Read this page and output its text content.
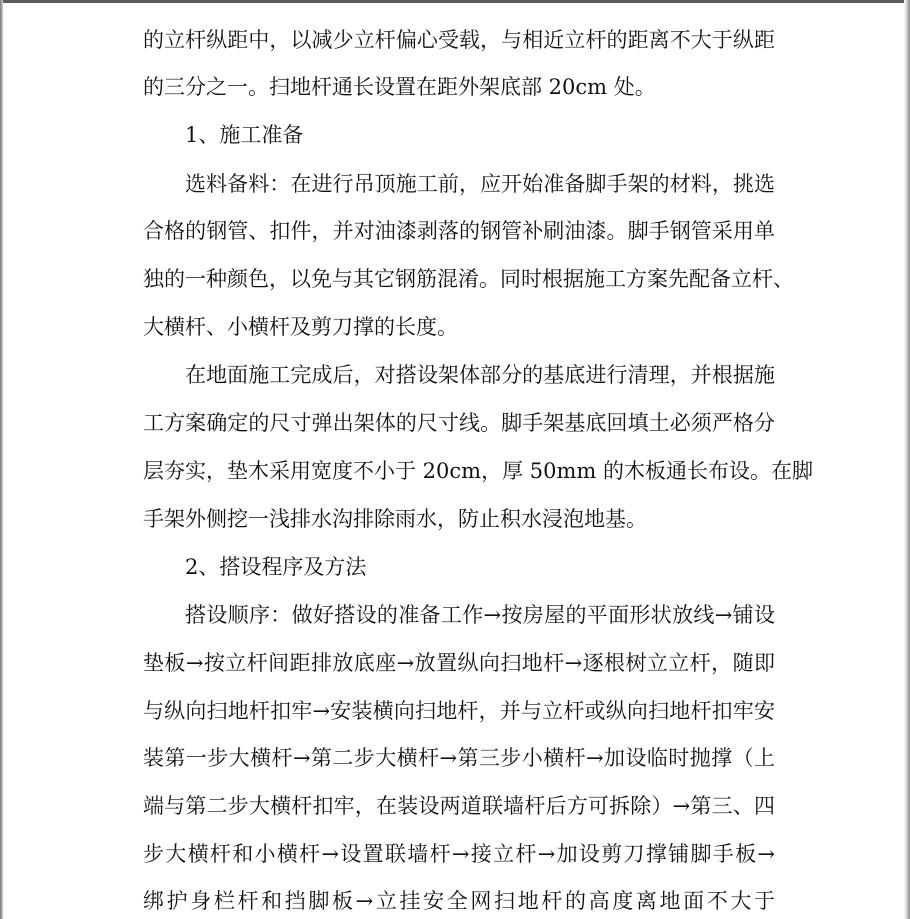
的立杆纵距中，以减少立杆偏心受载，与相近立杆的距离不大于纵距
的三分之一。扫地杆通长设置在距外架底部 20cm 处。
1、施工准备
选料备料：在进行吊顶施工前，应开始准备脚手架的材料，挑选
合格的钢管、扣件，并对油漆剥落的钢管补刷油漆。脚手钢管采用单
独的一种颜色，以免与其它钢筋混淆。同时根据施工方案先配备立杆、
大横杆、小横杆及剪刀撑的长度。
在地面施工完成后，对搭设架体部分的基底进行清理，并根据施
工方案确定的尺寸弹出架体的尺寸线。脚手架基底回填土必须严格分
层夯实，垫木采用宽度不小于 20cm，厚 50mm 的木板通长布设。在脚
手架外侧挖一浅排水沟排除雨水，防止积水浸泡地基。
2、搭设程序及方法
搭设顺序：做好搭设的准备工作→按房屋的平面形状放线→铺设
垫板→按立杆间距排放底座→放置纵向扫地杆→逐根树立立杆，随即
与纵向扫地杆扣牢→安装横向扫地杆，并与立杆或纵向扫地杆扣牢安
装第一步大横杆→第二步大横杆→第三步小横杆→加设临时抛撑（上
端与第二步大横杆扣牢，在装设两道联墙杆后方可拆除）→第三、四
步大横杆和小横杆→设置联墙杆→接立杆→加设剪刀撑铺脚手板→
绑护身栏杆和挡脚板→立挂安全网扫地杆的高度离地面不大于
